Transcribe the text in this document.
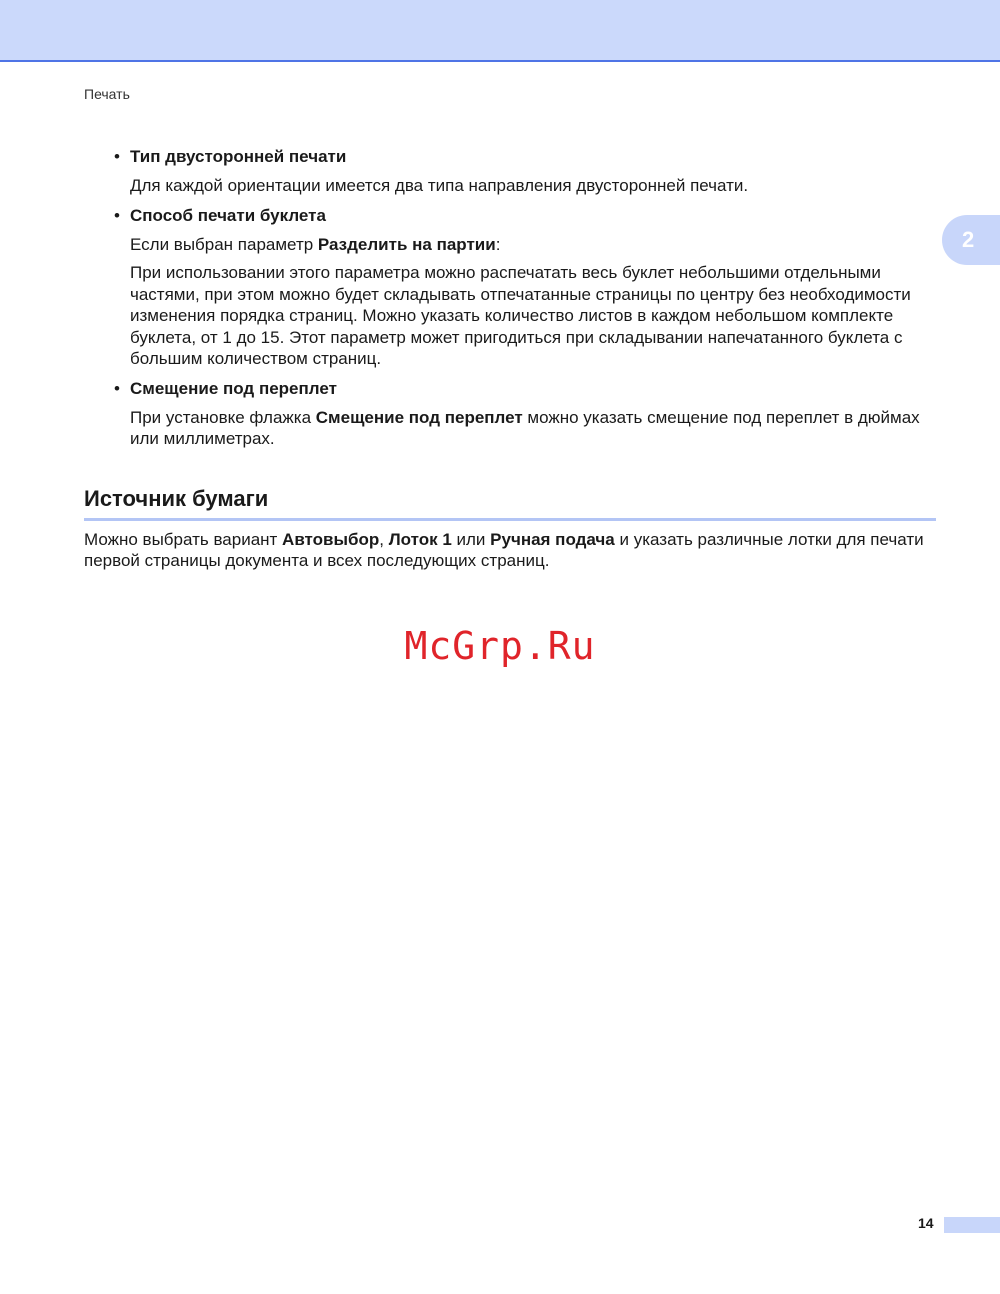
Печать
2
• Тип двусторонней печати
Для каждой ориентации имеется два типа направления двусторонней печати.
• Способ печати буклета
Если выбран параметр Разделить на партии:
При использовании этого параметра можно распечатать весь буклет небольшими отдельными частями, при этом можно будет складывать отпечатанные страницы по центру без необходимости изменения порядка страниц. Можно указать количество листов в каждом небольшом комплекте буклета, от 1 до 15. Этот параметр может пригодиться при складывании напечатанного буклета с большим количеством страниц.
• Смещение под переплет
При установке флажка Смещение под переплет можно указать смещение под переплет в дюймах или миллиметрах.
Источник бумаги
Можно выбрать вариант Автовыбор, Лоток 1 или Ручная подача и указать различные лотки для печати первой страницы документа и всех последующих страниц.
McGrp.Ru
14
